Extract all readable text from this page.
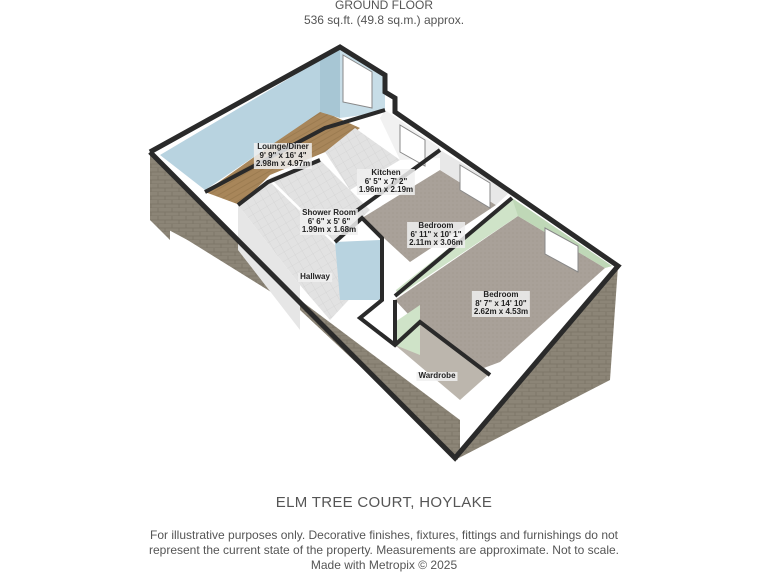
GROUND FLOOR
536 sq.ft. (49.8 sq.m.) approx.
Lounge/Diner
9' 9" x 16' 4"
2.98m x 4.97m
Kitchen
6' 5" x 7' 2"
1.96m x 2.19m
Shower Room
6' 6" x 5' 6"
1.99m x 1.68m	Bedroom
6' 11" x 10' 1"
2.11m x 3.06m
Bedroom
8' 7" x 14' 10"
2.62m x 4.53m
Hallway
Wardrobe
ELM TREE COURT, HOYLAKE
For illustrative purposes only. Decorative finishes, fixtures, fittings and furnishings do not
represent the current state of the property. Measurements are approximate. Not to scale.
Made with Metropix © 2025
